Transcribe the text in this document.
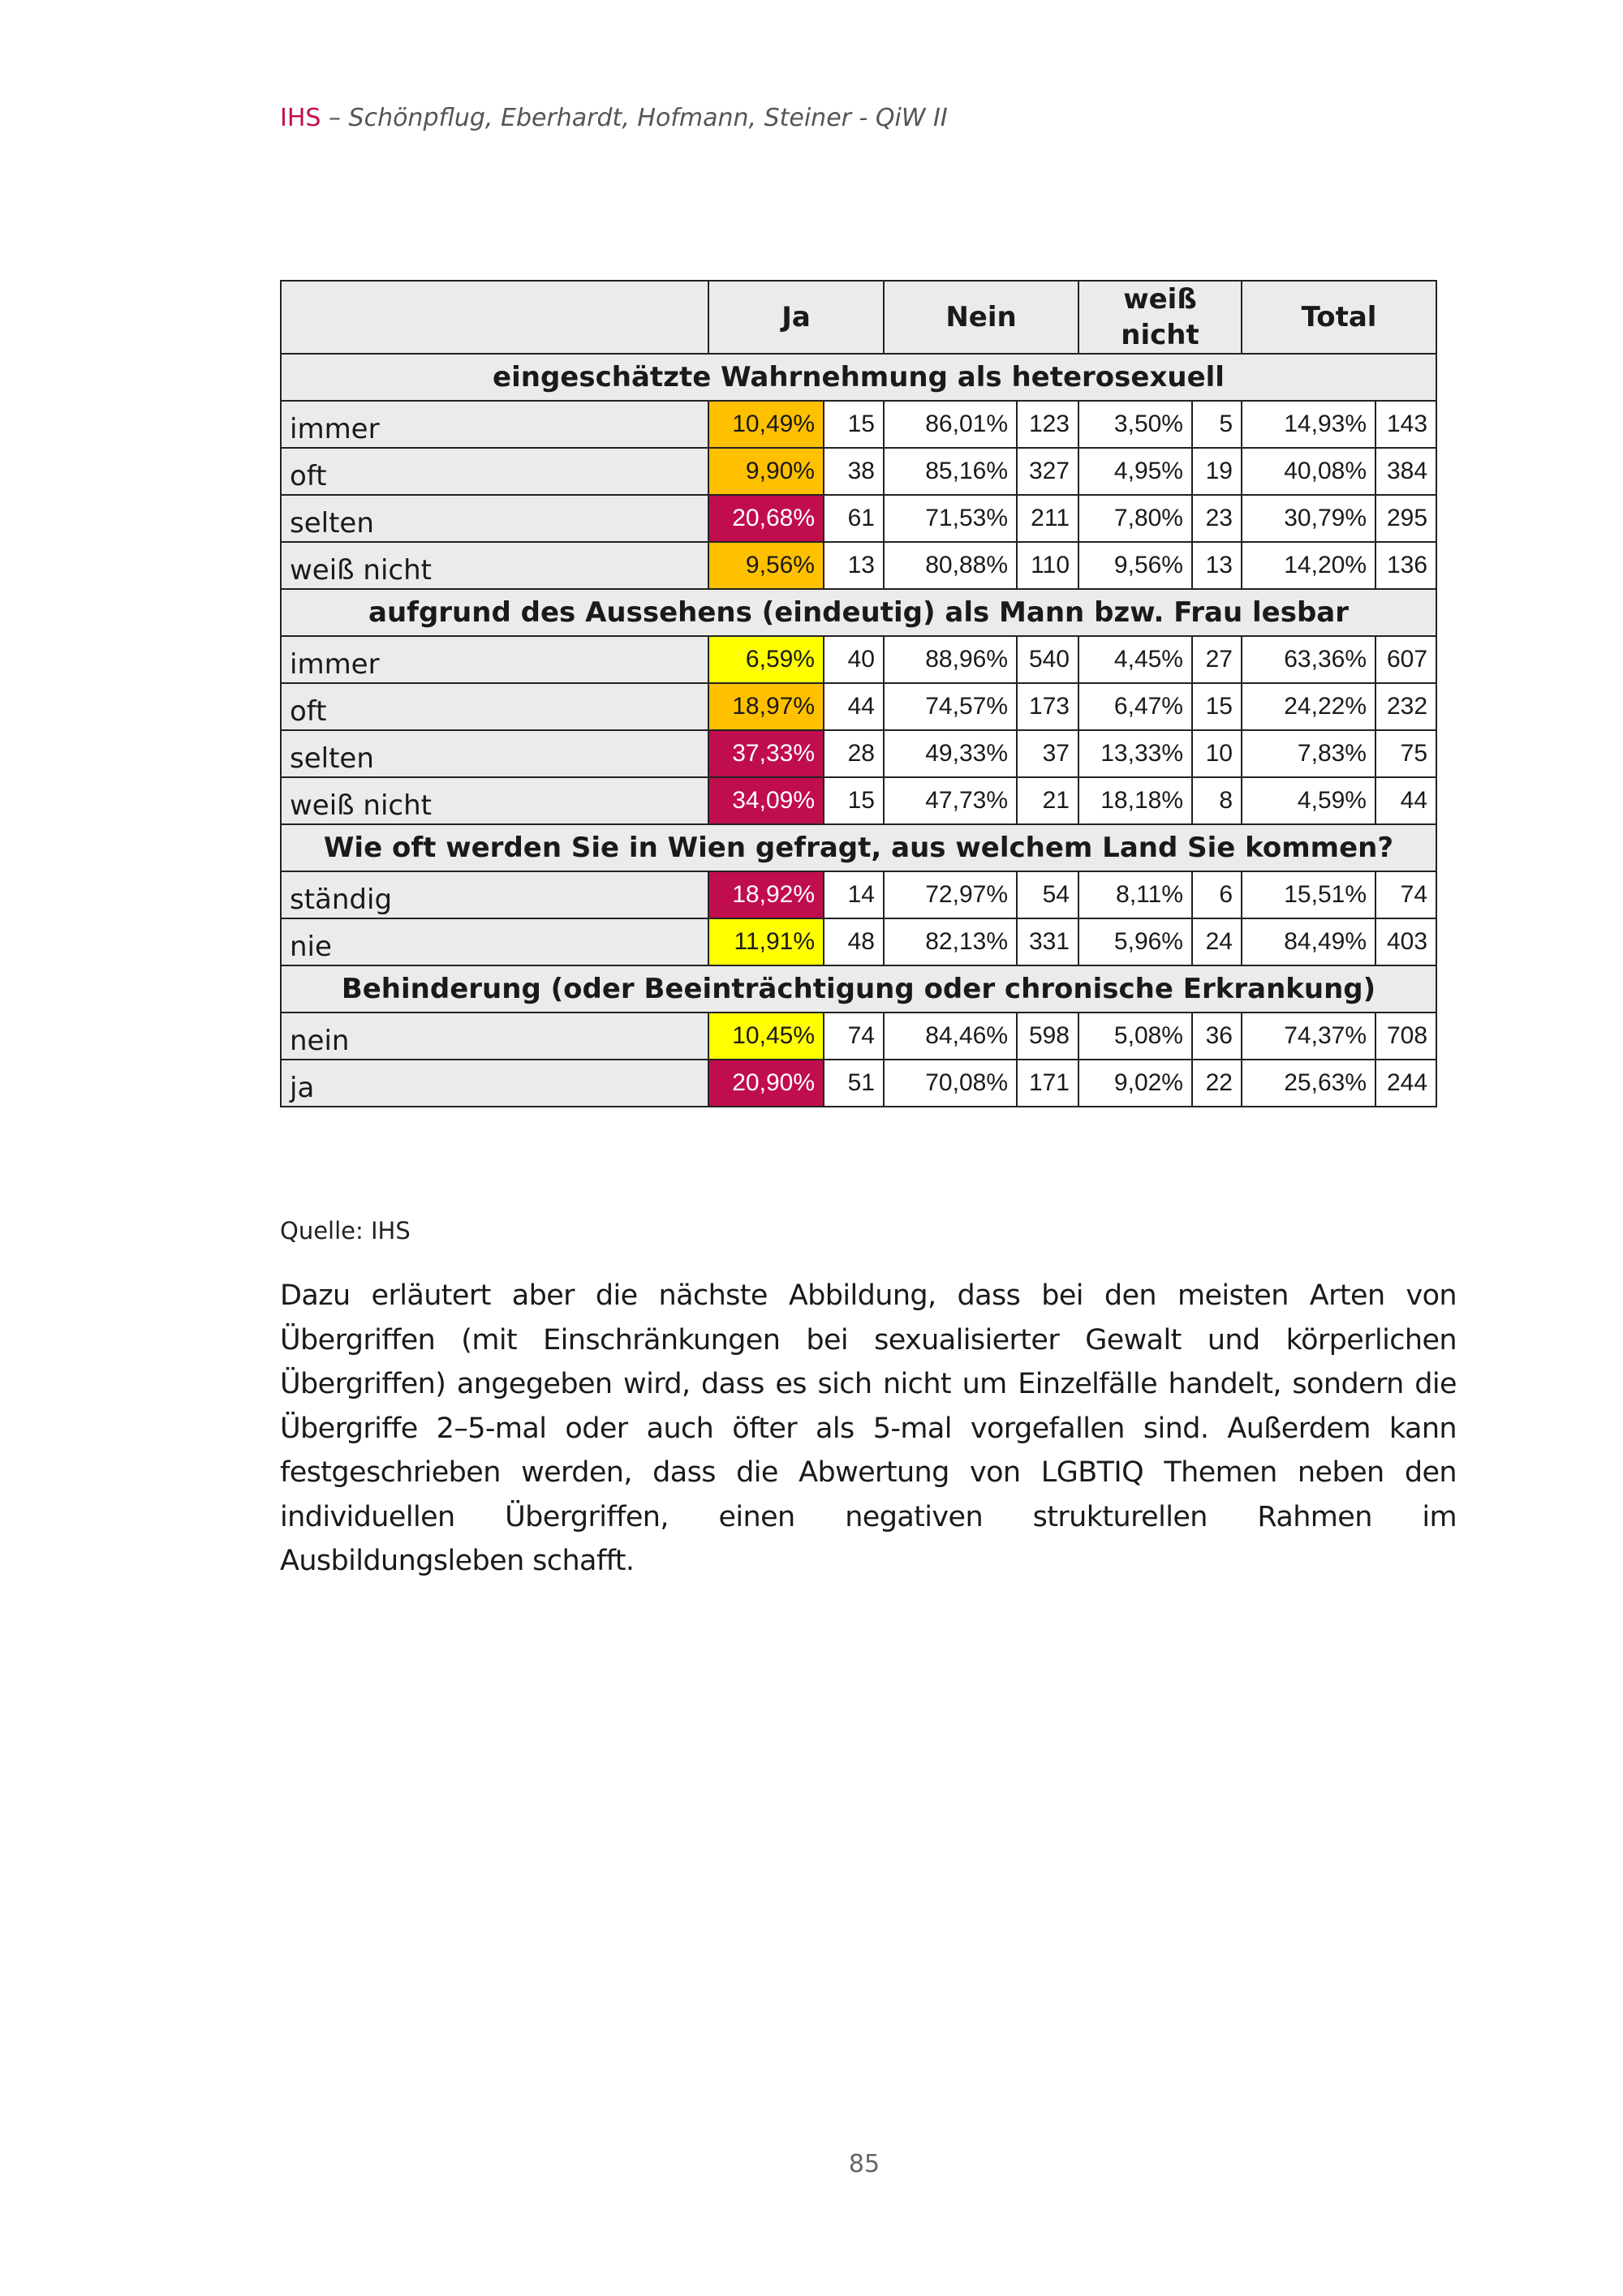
IHS – Schönpflug, Eberhardt, Hofmann, Steiner - QiW II
	Ja		Nein		weiß nicht		Total	
eingeschätzte Wahrnehmung als heterosexuell								
immer	10,49%	15	86,01%	123	3,50%	5	14,93%	143
oft	9,90%	38	85,16%	327	4,95%	19	40,08%	384
selten	20,68%	61	71,53%	211	7,80%	23	30,79%	295
weiß nicht	9,56%	13	80,88%	110	9,56%	13	14,20%	136
aufgrund des Aussehens (eindeutig) als Mann bzw. Frau lesbar								
immer	6,59%	40	88,96%	540	4,45%	27	63,36%	607
oft	18,97%	44	74,57%	173	6,47%	15	24,22%	232
selten	37,33%	28	49,33%	37	13,33%	10	7,83%	75
weiß nicht	34,09%	15	47,73%	21	18,18%	8	4,59%	44
Wie oft werden Sie in Wien gefragt, aus welchem Land Sie kommen?								
ständig	18,92%	14	72,97%	54	8,11%	6	15,51%	74
nie	11,91%	48	82,13%	331	5,96%	24	84,49%	403
Behinderung (oder Beeinträchtigung oder chronische Erkrankung)								
nein	10,45%	74	84,46%	598	5,08%	36	74,37%	708
ja	20,90%	51	70,08%	171	9,02%	22	25,63%	244
Quelle: IHS
Dazu erläutert aber die nächste Abbildung, dass bei den meisten Arten von Übergriffen (mit Einschränkungen bei sexualisierter Gewalt und körperlichen Übergriffen) angegeben wird, dass es sich nicht um Einzelfälle handelt, sondern die Übergriffe 2–5-mal oder auch öfter als 5-mal vorgefallen sind. Außerdem kann festgeschrieben werden, dass die Abwertung von LGBTIQ Themen neben den individuellen Übergriffen, einen negativen strukturellen Rahmen im Ausbildungsleben schafft.
85
